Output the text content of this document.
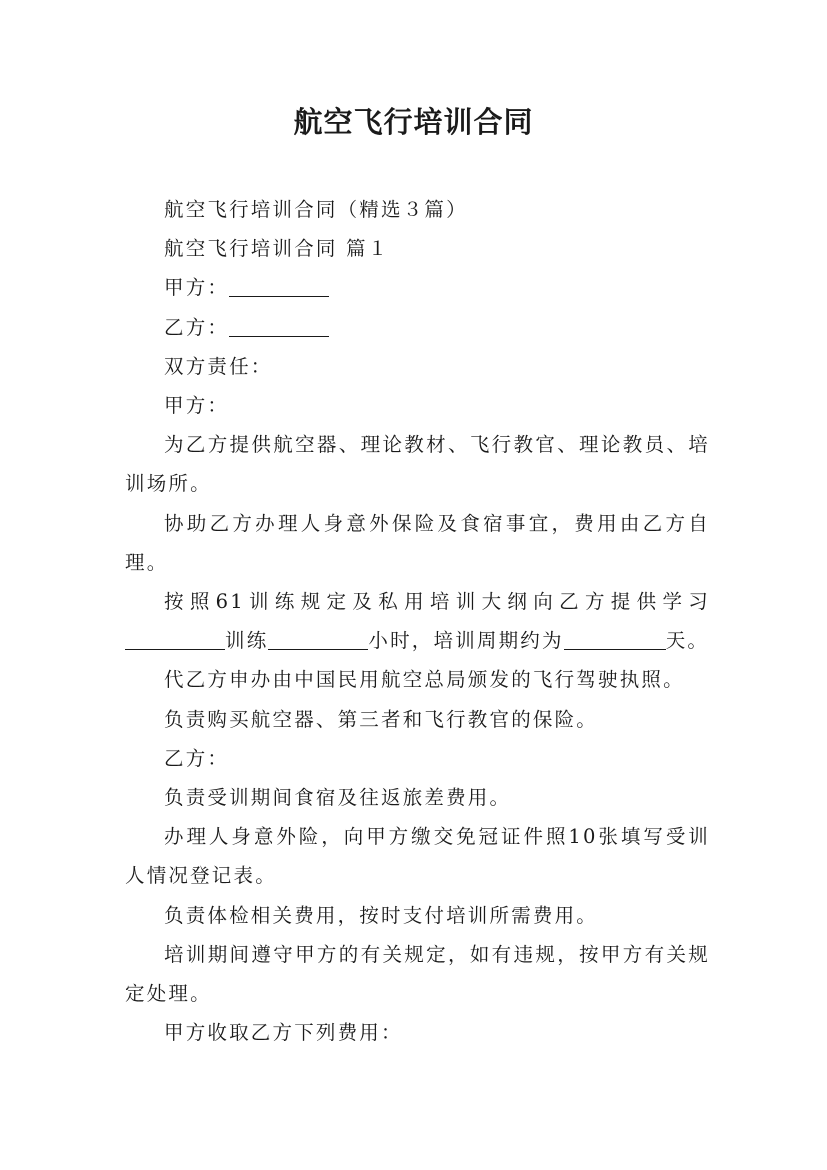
航空飞行培训合同

航空飞行培训合同（精选３篇）

航空飞行培训合同 篇１

甲方：

乙方：

双方责任：

甲方：

为乙方提供航空器、理论教材、飞行教官、理论教员、培训场所。

协助乙方办理人身意外保险及食宿事宜，费用由乙方自理。

按照61训练规定及私用培训大纲向乙方提供学习训练	小时，培训周期约为	天。

代乙方申办由中国民用航空总局颁发的飞行驾驶执照。

负责购买航空器、第三者和飞行教官的保险。

乙方：

负责受训期间食宿及往返旅差费用。

办理人身意外险，向甲方缴交免冠证件照10张填写受训人情况登记表。

负责体检相关费用，按时支付培训所需费用。

培训期间遵守甲方的有关规定，如有违规，按甲方有关规定处理。

甲方收取乙方下列费用：
